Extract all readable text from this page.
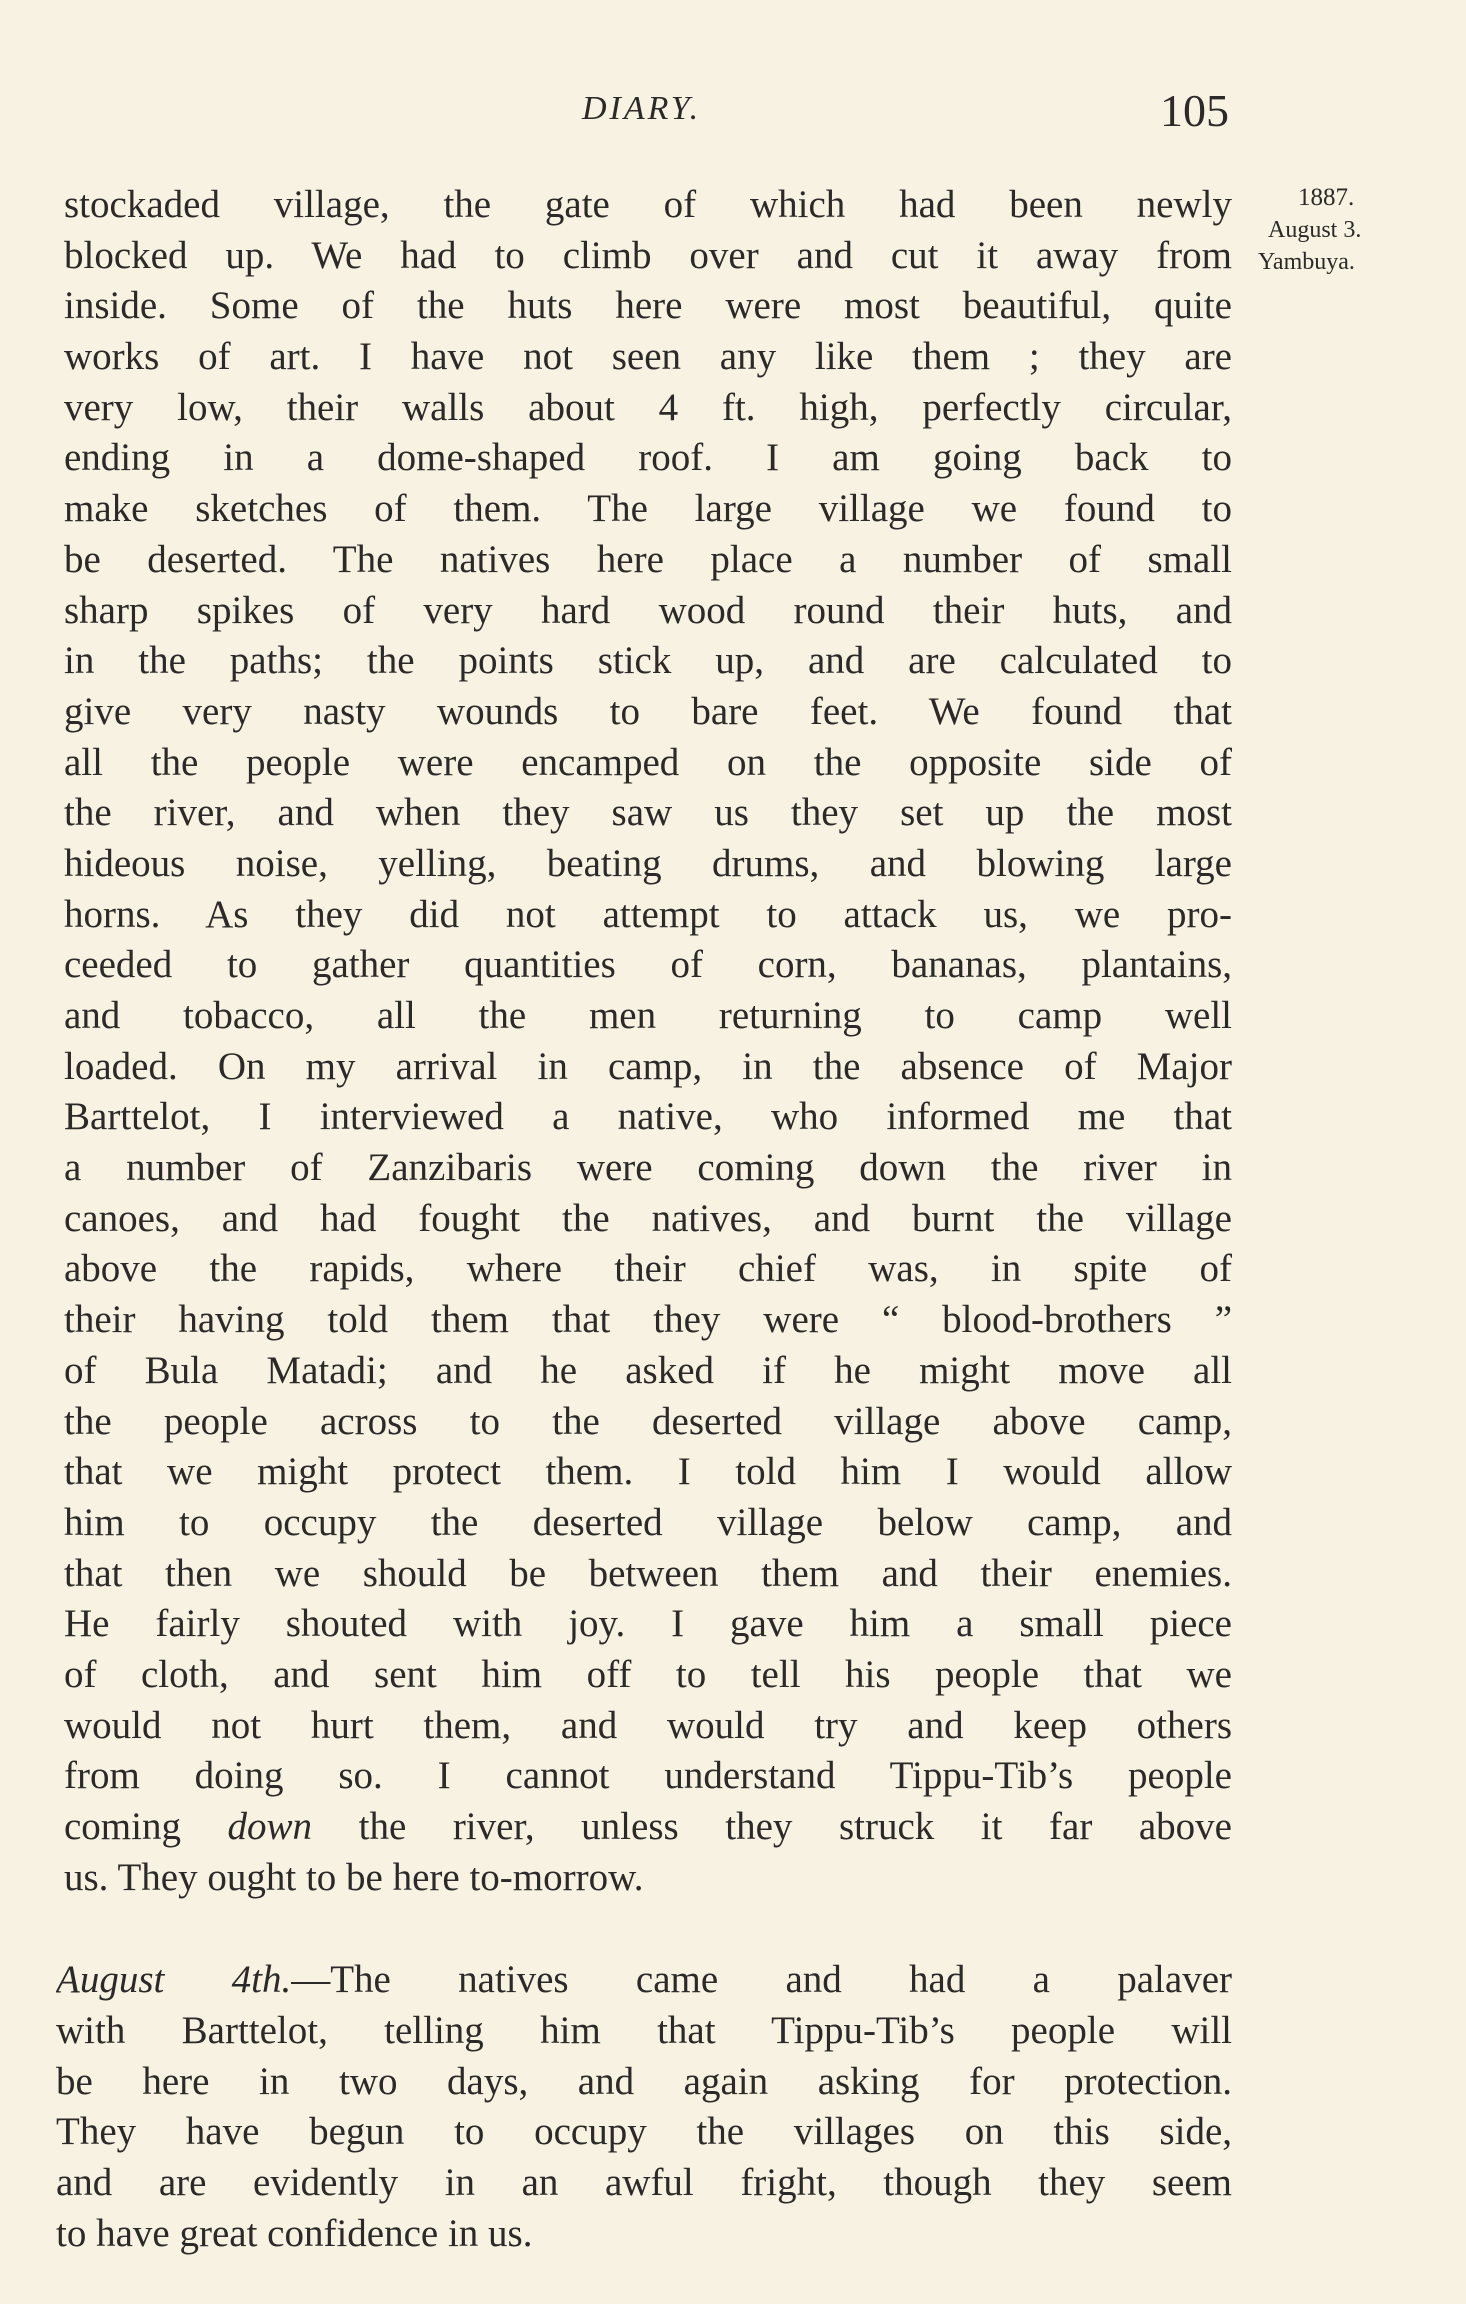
DIARY.	105
1887.
August 3.
Yambuya.
stockaded village, the gate of which had been newly
blocked up. We had to climb over and cut it away from
inside. Some of the huts here were most beautiful, quite
works of art. I have not seen any like them ; they are
very low, their walls about 4 ft. high, perfectly circular,
ending in a dome-shaped roof. I am going back to
make sketches of them. The large village we found to
be deserted. The natives here place a number of small
sharp spikes of very hard wood round their huts, and
in the paths; the points stick up, and are calculated to
give very nasty wounds to bare feet. We found that
all the people were encamped on the opposite side of
the river, and when they saw us they set up the most
hideous noise, yelling, beating drums, and blowing large
horns. As they did not attempt to attack us, we pro-
ceeded to gather quantities of corn, bananas, plantains,
and tobacco, all the men returning to camp well
loaded. On my arrival in camp, in the absence of Major
Barttelot, I interviewed a native, who informed me that
a number of Zanzibaris were coming down the river in
canoes, and had fought the natives, and burnt the village
above the rapids, where their chief was, in spite of
their having told them that they were “ blood-brothers ”
of Bula Matadi; and he asked if he might move all
the people across to the deserted village above camp,
that we might protect them. I told him I would allow
him to occupy the deserted village below camp, and
that then we should be between them and their enemies.
He fairly shouted with joy. I gave him a small piece
of cloth, and sent him off to tell his people that we
would not hurt them, and would try and keep others
from doing so. I cannot understand Tippu-Tib’s people
coming down the river, unless they struck it far above
us. They ought to be here to-morrow.
August 4th.—The natives came and had a palaver
with Barttelot, telling him that Tippu-Tib’s people will
be here in two days, and again asking for protection.
They have begun to occupy the villages on this side,
and are evidently in an awful fright, though they seem
to have great confidence in us.
